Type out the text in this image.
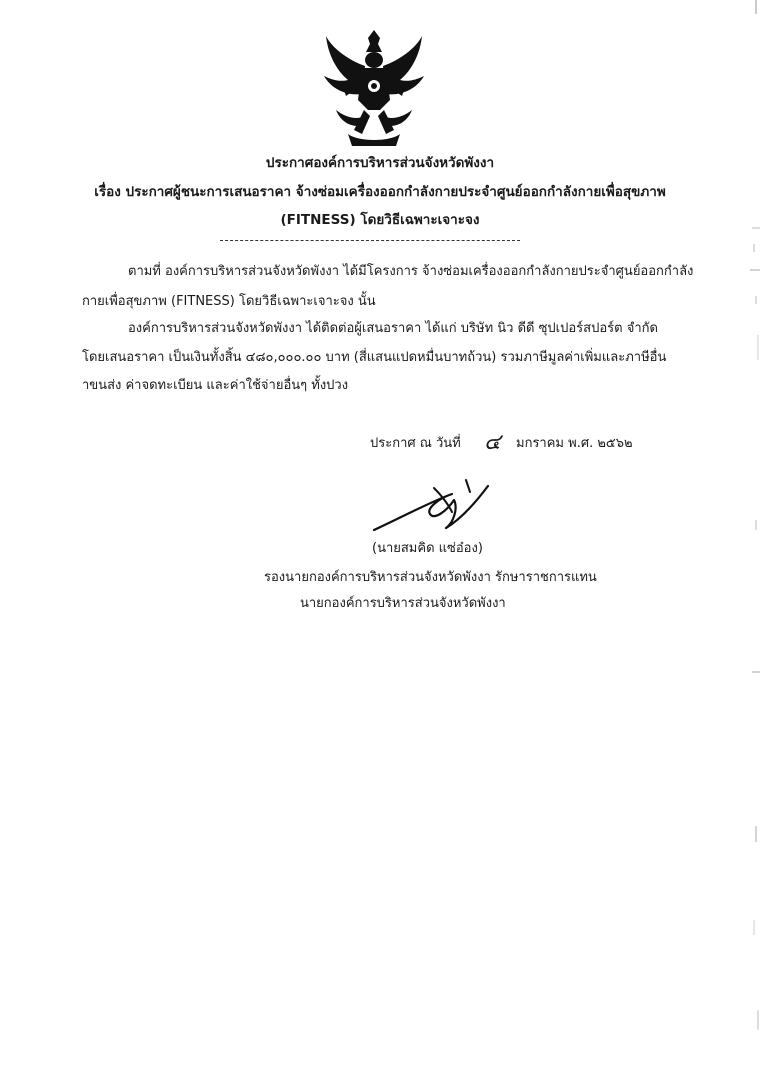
ประกาศองค์การบริหารส่วนจังหวัดพังงา
เรื่อง ประกาศผู้ชนะการเสนอราคา จ้างซ่อมเครื่องออกกำลังกายประจำศูนย์ออกกำลังกายเพื่อสุขภาพ
(FITNESS) โดยวิธีเฉพาะเจาะจง
ตามที่ องค์การบริหารส่วนจังหวัดพังงา ได้มีโครงการ จ้างซ่อมเครื่องออกกำลังกายประจำศูนย์ออกกำลัง
กายเพื่อสุขภาพ (FITNESS) โดยวิธีเฉพาะเจาะจง นั้น
องค์การบริหารส่วนจังหวัดพังงา ได้ติดต่อผู้เสนอราคา ได้แก่ บริษัท นิว ดีดี ซุปเปอร์สปอร์ต จำกัด
โดยเสนอราคา เป็นเงินทั้งสิ้น ๔๘๐,๐๐๐.๐๐ บาท (สี่แสนแปดหมื่นบาทถ้วน) รวมภาษีมูลค่าเพิ่มและภาษีอื่น
าขนส่ง ค่าจดทะเบียน และค่าใช้จ่ายอื่นๆ ทั้งปวง
ประกาศ ณ วันที่ ๔ มกราคม พ.ศ. ๒๕๖๒
(นายสมคิด แซ่อ๋อง)
รองนายกองค์การบริหารส่วนจังหวัดพังงา รักษาราชการแทน
นายกองค์การบริหารส่วนจังหวัดพังงา
